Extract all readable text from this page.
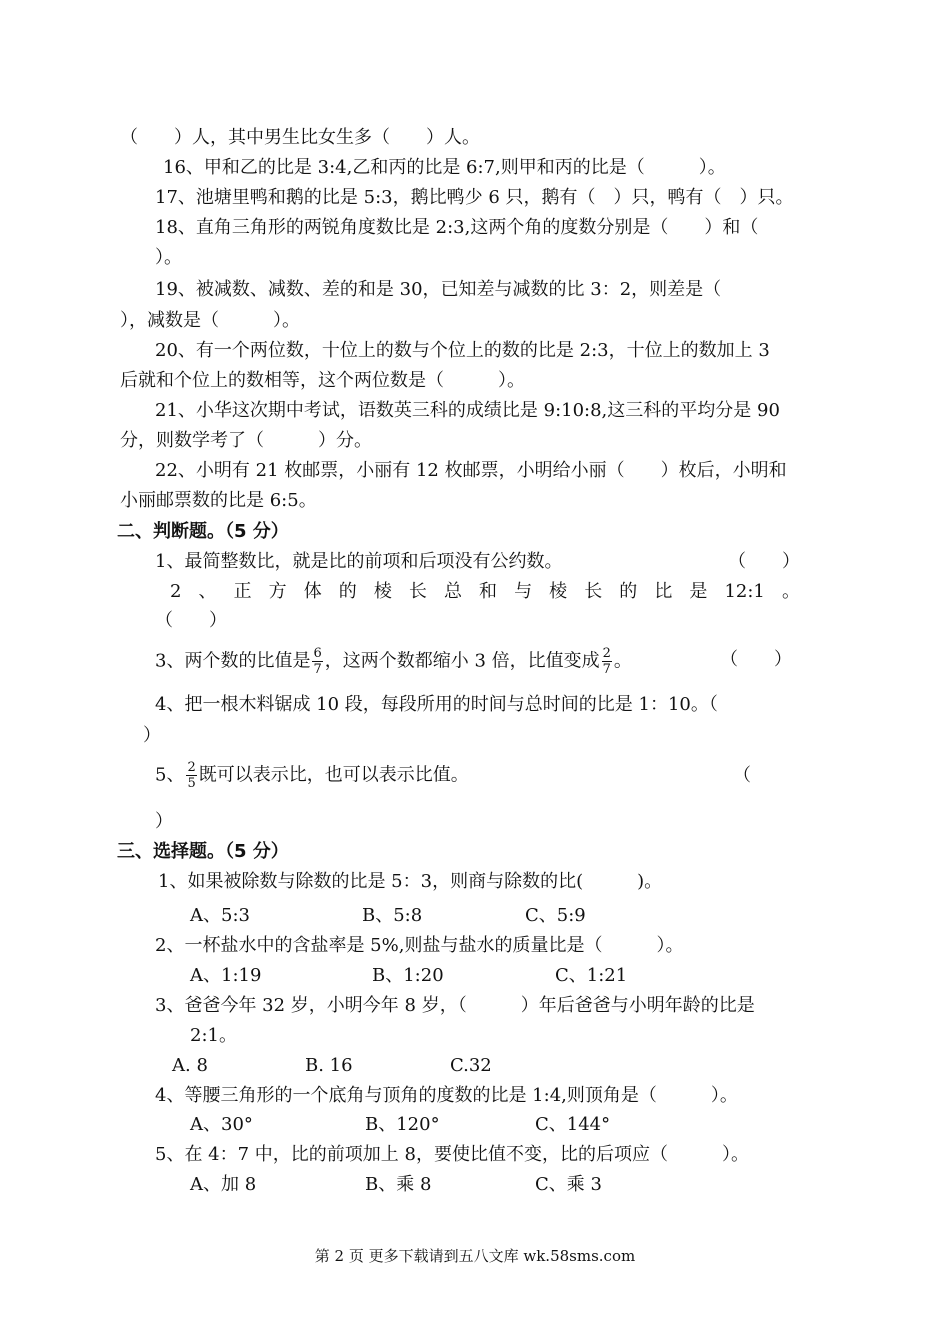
（　　）人，其中男生比女生多（　　）人。
16、甲和乙的比是 3:4,乙和丙的比是 6:7,则甲和丙的比是（　　　）。
17、池塘里鸭和鹅的比是 5:3，鹅比鸭少 6 只，鹅有（　）只，鸭有（　）只。
18、直角三角形的两锐角度数比是 2:3,这两个角的度数分别是（　　）和（
）。
19、被减数、减数、差的和是 30，已知差与减数的比 3：2，则差是（
），减数是（　　　）。
20、有一个两位数，十位上的数与个位上的数的比是 2:3，十位上的数加上 3
后就和个位上的数相等，这个两位数是（　　　）。
21、小华这次期中考试，语数英三科的成绩比是 9:10:8,这三科的平均分是 90
分，则数学考了（　　　）分。
22、小明有 21 枚邮票，小丽有 12 枚邮票，小明给小丽（　　）枚后，小明和
小丽邮票数的比是 6:5。
二、判断题。（5 分）
1、最简整数比，就是比的前项和后项没有公约数。	（　　）
2 、 正 方 体 的 棱 长 总 和 与 棱 长 的 比 是 12:1 。
（　　）
3、两个数的比值是 $\frac{6}{7}$ ，这两个数都缩小 3 倍，比值变成 $\frac{2}{7}$ 。	（　　）
4、把一根木料锯成 10 段，每段所用的时间与总时间的比是 1：10。（
）
5、 $\frac{2}{5}$ 既可以表示比，也可以表示比值。	（
）
三、选择题。（5 分）
1、如果被除数与除数的比是 5：3，则商与除数的比(　　　)。
A、5:3	B、5:8	C、5:9
2、一杯盐水中的含盐率是 5%,则盐与盐水的质量比是（　　　）。
A、1:19	B、1:20	C、1:21
3、爸爸今年 32 岁，小明今年 8 岁，（　　　）年后爸爸与小明年龄的比是
2:1。
A. 8	B. 16	C.32
4、等腰三角形的一个底角与顶角的度数的比是 1:4,则顶角是（　　　）。
A、30°	B、120°	C、144°
5、在 4：7 中，比的前项加上 8，要使比值不变，比的后项应（　　　）。
A、加 8	B、乘 8	C、乘 3
第 2 页 更多下载请到五八文库 wk.58sms.com
